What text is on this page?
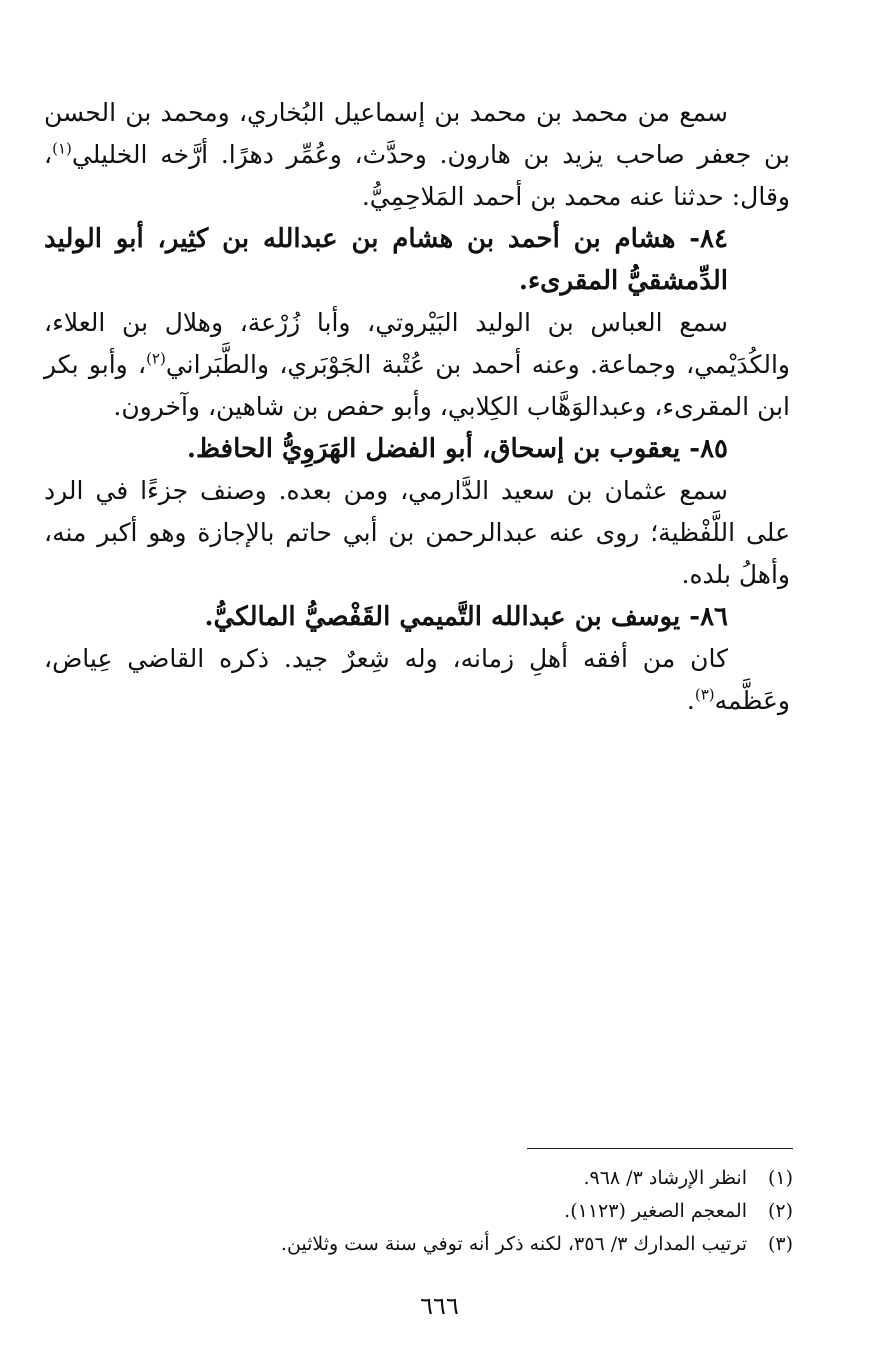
سمع من محمد بن محمد بن إسماعيل البُخاري، ومحمد بن الحسن بن جعفر صاحب يزيد بن هارون. وحدَّث، وعُمِّر دهرًا. أرَّخه الخليلي$^{(١)}$، وقال: حدثنا عنه محمد بن أحمد المَلاحِمِيُّ.

٨٤- هشام بن أحمد بن هشام بن عبدالله بن كثِير، أبو الوليد الدِّمشقيُّ المقرىء.

سمع العباس بن الوليد البَيْروتي، وأبا زُرْعة، وهلال بن العلاء، والكُدَيْمي، وجماعة. وعنه أحمد بن عُتْبة الجَوْبَري، والطَّبَراني$^{(٢)}$، وأبو بكر ابن المقرىء، وعبدالوَهَّاب الكِلابي، وأبو حفص بن شاهين، وآخرون.

٨٥- يعقوب بن إسحاق، أبو الفضل الهَرَوِيُّ الحافظ.

سمع عثمان بن سعيد الدَّارمي، ومن بعده. وصنف جزءًا في الرد على اللَّفْظية؛ روى عنه عبدالرحمن بن أبي حاتم بالإجازة وهو أكبر منه، وأهلُ بلده.

٨٦- يوسف بن عبدالله التَّميمي القَفْصيُّ المالكيُّ.

كان من أفقه أهلِ زمانه، وله شِعرٌ جيد. ذكره القاضي عِياض، وعَظَّمه$^{(٣)}$.

(١)انظر الإرشاد ٣/ ٩٦٨.

(٢)المعجم الصغير (١١٢٣).

(٣)ترتيب المدارك ٣/ ٣٥٦، لكنه ذكر أنه توفي سنة ست وثلاثين.

٦٦٦
